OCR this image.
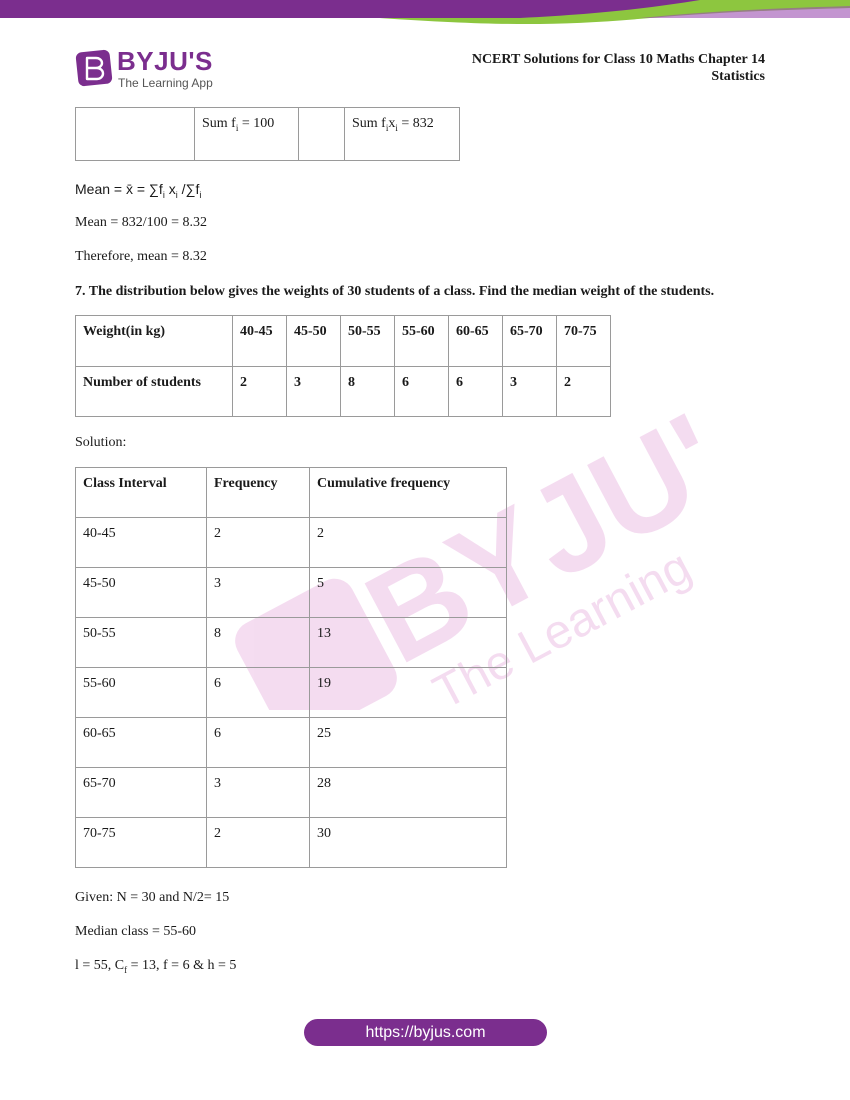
BYJU'S
The Learning App
NCERT Solutions for Class 10 Maths Chapter 14
Statistics
BYJU'S
The Learning App
	Sum $f_i = 100$		Sum $f_ix_i = 832$
Mean = x̄ = $\sum f_i$ $x_i$ $/\sum f_i$
Mean = 832/100 = 8.32
Therefore, mean = 8.32
7. The distribution below gives the weights of 30 students of a class. Find the median weight of the students.
Weight(in kg)	40-45	45-50	50-55	55-60	60-65	65-70	70-75
Number of students	2	3	8	6	6	3	2
Solution:
Class Interval	Frequency	Cumulative frequency
40-45	2	2
45-50	3	5
50-55	8	13
55-60	6	19
60-65	6	25
65-70	3	28
70-75	2	30
Given: N = 30 and N/2= 15
Median class = 55-60
l = 55, $C_f = 13$, f = 6 & h = 5
https://byjus.com
